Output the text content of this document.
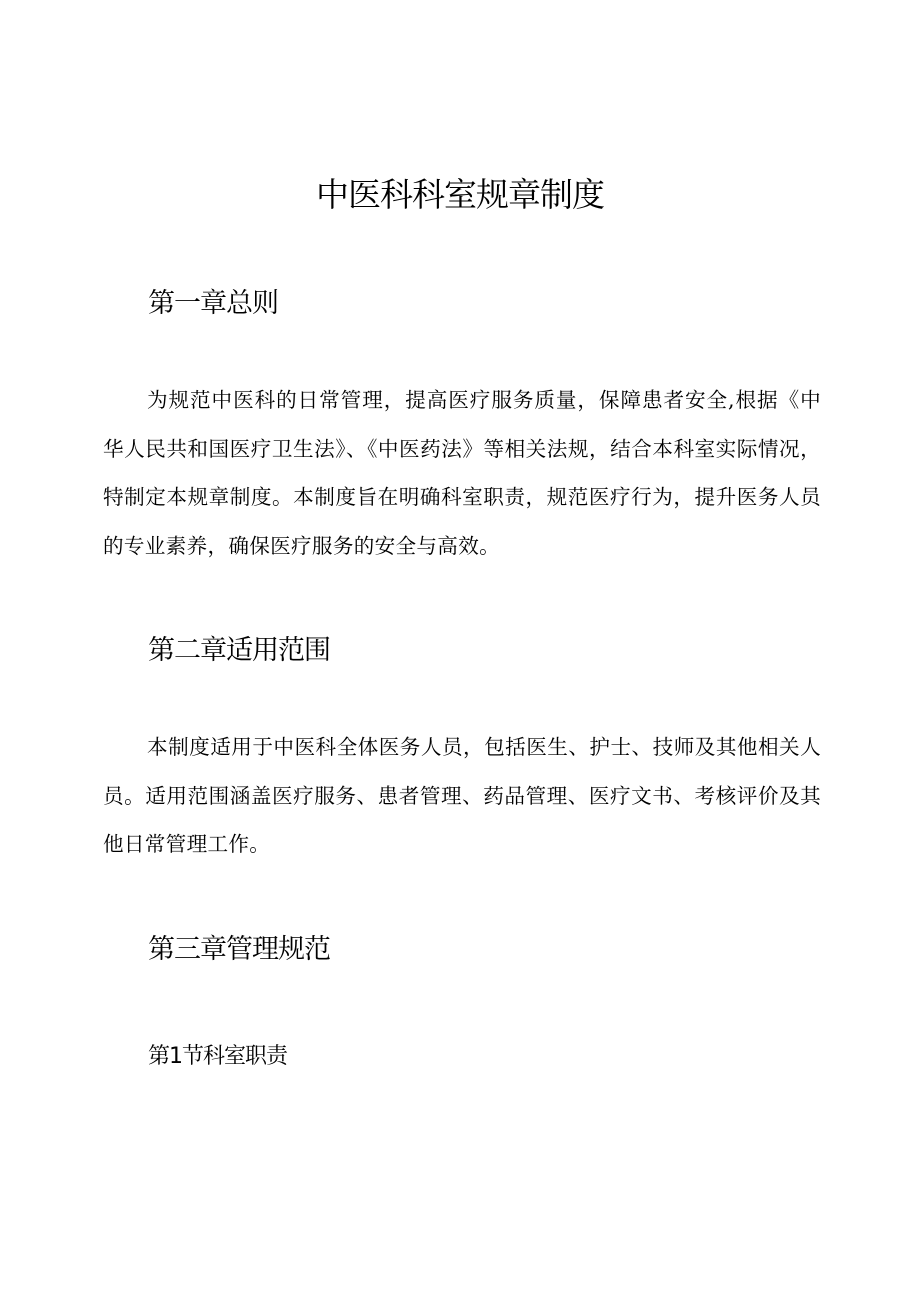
中医科科室规章制度
第一章总则

为规范中医科的日常管理，提高医疗服务质量，保障患者安全,根据《中华人民共和国医疗卫生法》、《中医药法》等相关法规，结合本科室实际情况，特制定本规章制度。本制度旨在明确科室职责，规范医疗行为，提升医务人员的专业素养，确保医疗服务的安全与高效。

第二章适用范围

本制度适用于中医科全体医务人员，包括医生、护士、技师及其他相关人员。适用范围涵盖医疗服务、患者管理、药品管理、医疗文书、考核评价及其他日常管理工作。

第三章管理规范
第1节科室职责
